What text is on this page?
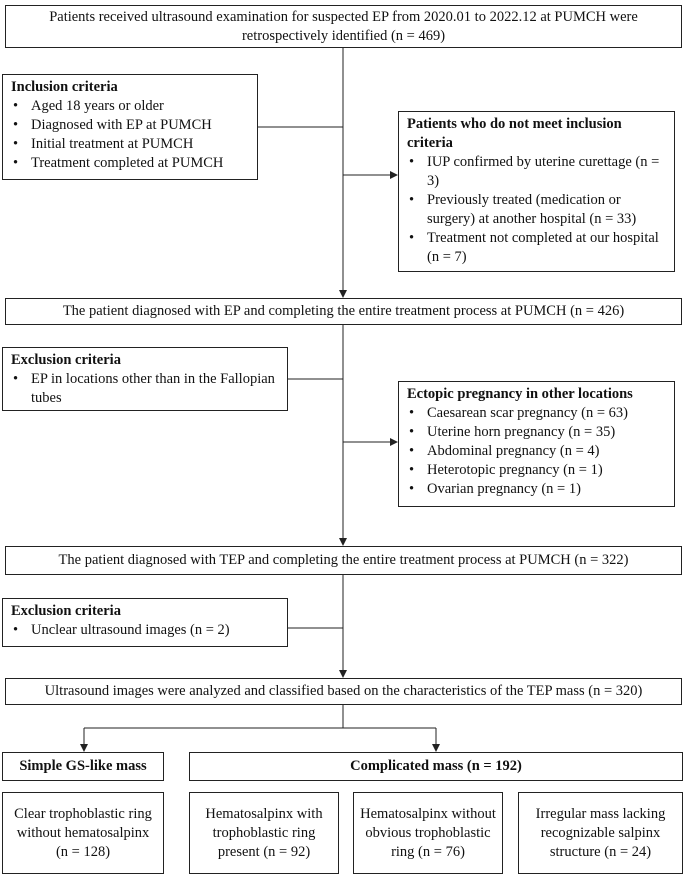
Patients received ultrasound examination for suspected EP from 2020.01 to 2022.12 at PUMCH were retrospectively identified (n = 469)
Inclusion criteria
• Aged 18 years or older
• Diagnosed with EP at PUMCH
• Initial treatment at PUMCH
• Treatment completed at PUMCH
Patients who do not meet inclusion criteria
• IUP confirmed by uterine curettage (n = 3)
• Previously treated (medication or surgery) at another hospital (n = 33)
• Treatment not completed at our hospital (n = 7)
The patient diagnosed with EP and completing the entire treatment process at PUMCH (n = 426)
Exclusion criteria
• EP in locations other than in the Fallopian tubes	Ectopic pregnancy in other locations
• Caesarean scar pregnancy (n = 63)
• Uterine horn pregnancy (n = 35)
• Abdominal pregnancy (n = 4)
• Heterotopic pregnancy (n = 1)
• Ovarian pregnancy (n = 1)
The patient diagnosed with TEP and completing the entire treatment process at PUMCH (n = 322)
Exclusion criteria
• Unclear ultrasound images (n = 2)
Ultrasound images were analyzed and classified based on the characteristics of the TEP mass (n = 320)
Simple GS-like mass	Complicated mass (n = 192)
Clear trophoblastic ring without hematosalpinx (n = 128)
Hematosalpinx with trophoblastic ring present (n = 92)
Hematosalpinx without obvious trophoblastic ring (n = 76)
Irregular mass lacking recognizable salpinx structure (n = 24)
